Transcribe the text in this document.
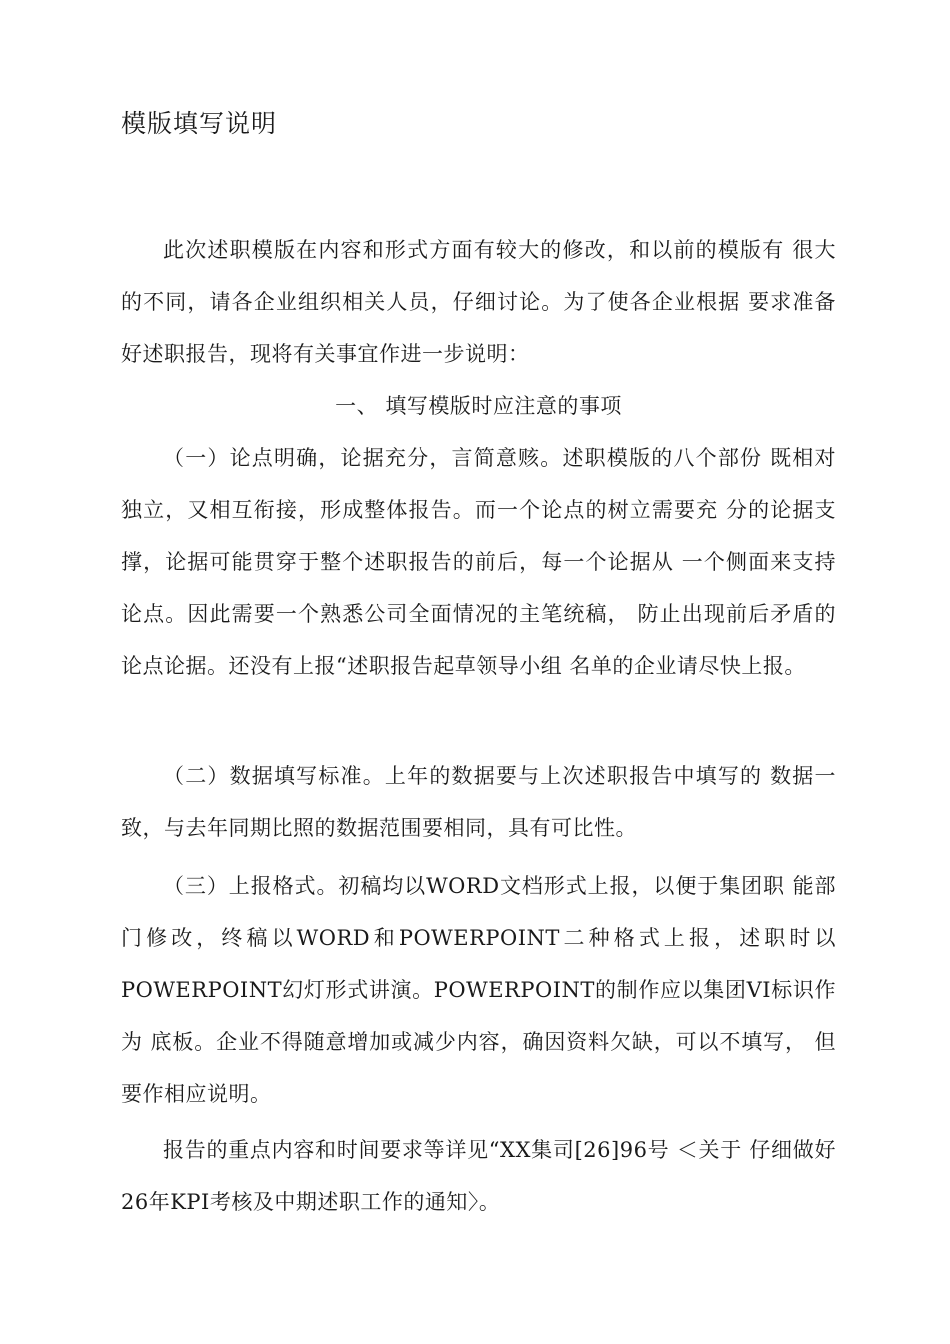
模版填写说明

此次述职模版在内容和形式方面有较大的修改，和以前的模版有 很大的不同，请各企业组织相关人员，仔细讨论。为了使各企业根据 要求准备好述职报告，现将有关事宜作进一步说明：

一、 填写模版时应注意的事项

（一）论点明确，论据充分，言简意赅。述职模版的八个部份 既相对独立，又相互衔接，形成整体报告。而一个论点的树立需要充 分的论据支撑，论据可能贯穿于整个述职报告的前后，每一个论据从 一个侧面来支持论点。因此需要一个熟悉公司全面情况的主笔统稿， 防止出现前后矛盾的论点论据。还没有上报“述职报告起草领导小组 名单的企业请尽快上报。

（二）数据填写标准。上年的数据要与上次述职报告中填写的 数据一致，与去年同期比照的数据范围要相同，具有可比性。

（三）上报格式。初稿均以WORD文档形式上报，以便于集团职 能部门修改，终稿以WORD和POWERPOINT二种格式上报，述职时以POWERPOINT幻灯形式讲演。POWERPOINT的制作应以集团VI标识作为 底板。企业不得随意增加或减少内容，确因资料欠缺，可以不填写， 但要作相应说明。

报告的重点内容和时间要求等详见“XX集司[26]96号 ＜关于 仔细做好26年KPI考核及中期述职工作的通知〉。
